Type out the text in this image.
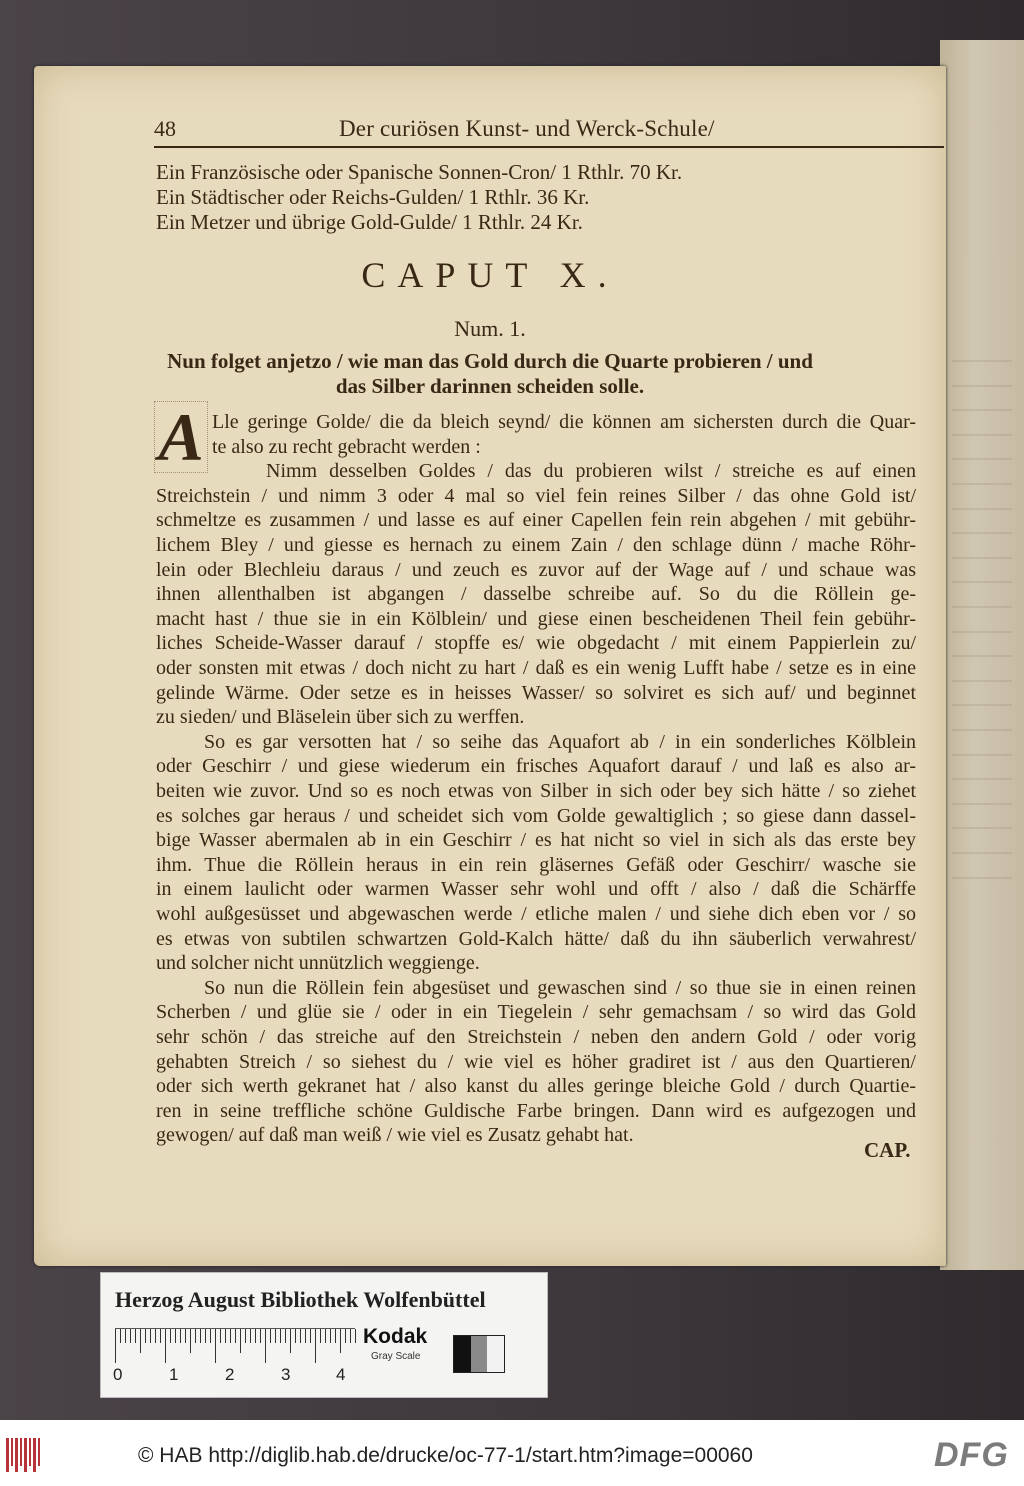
48	Der curiösen Kunst- und Werck-Schule/
Ein Französische oder Spanische Sonnen-Cron/ 1 Rthlr. 70 Kr.
Ein Städtischer oder Reichs-Gulden/ 1 Rthlr. 36 Kr.
Ein Metzer und übrige Gold-Gulde/ 1 Rthlr. 24 Kr.
CAPUT X.
Num. 1.
Nun folget anjetzo / wie man das Gold durch die Quarte probieren / und
das Silber darinnen scheiden solle.
A Lle geringe Golde/ die da bleich seynd/ die können am sichersten durch die Quar-
te also zu recht gebracht werden :
Nimm desselben Goldes / das du probieren wilst / streiche es auf einen
Streichstein / und nimm 3 oder 4 mal so viel fein reines Silber / das ohne Gold ist/
schmeltze es zusammen / und lasse es auf einer Capellen fein rein abgehen / mit gebühr-
lichem Bley / und giesse es hernach zu einem Zain / den schlage dünn / mache Röhr-
lein oder Blechleiu daraus / und zeuch es zuvor auf der Wage auf / und schaue was
ihnen allenthalben ist abgangen / dasselbe schreibe auf. So du die Röllein ge-
macht hast / thue sie in ein Kölblein/ und giese einen bescheidenen Theil fein gebühr-
liches Scheide-Wasser darauf / stopffe es/ wie obgedacht / mit einem Pappierlein zu/
oder sonsten mit etwas / doch nicht zu hart / daß es ein wenig Lufft habe / setze es in eine
gelinde Wärme. Oder setze es in heisses Wasser/ so solviret es sich auf/ und beginnet
zu sieden/ und Bläselein über sich zu werffen.
So es gar versotten hat / so seihe das Aquafort ab / in ein sonderliches Kölblein
oder Geschirr / und giese wiederum ein frisches Aquafort darauf / und laß es also ar-
beiten wie zuvor. Und so es noch etwas von Silber in sich oder bey sich hätte / so ziehet
es solches gar heraus / und scheidet sich vom Golde gewaltiglich ; so giese dann dassel-
bige Wasser abermalen ab in ein Geschirr / es hat nicht so viel in sich als das erste bey
ihm. Thue die Röllein heraus in ein rein gläsernes Gefäß oder Geschirr/ wasche sie
in einem laulicht oder warmen Wasser sehr wohl und offt / also / daß die Schärffe
wohl außgesüsset und abgewaschen werde / etliche malen / und siehe dich eben vor / so
es etwas von subtilen schwartzen Gold-Kalch hätte/ daß du ihn säuberlich verwahrest/
und solcher nicht unnützlich weggienge.
So nun die Röllein fein abgesüset und gewaschen sind / so thue sie in einen reinen
Scherben / und glüe sie / oder in ein Tiegelein / sehr gemachsam / so wird das Gold
sehr schön / das streiche auf den Streichstein / neben den andern Gold / oder vorig
gehabten Streich / so siehest du / wie viel es höher gradiret ist / aus den Quartieren/
oder sich werth gekranet hat / also kanst du alles geringe bleiche Gold / durch Quartie-
ren in seine treffliche schöne Guldische Farbe bringen. Dann wird es aufgezogen und
gewogen/ auf daß man weiß / wie viel es Zusatz gehabt hat.
CAP.
Herzog August Bibliothek Wolfenbüttel
0	1	2	3	4
Kodak
Gray Scale
© HAB http://diglib.hab.de/drucke/oc-77-1/start.htm?image=00060	DFG
